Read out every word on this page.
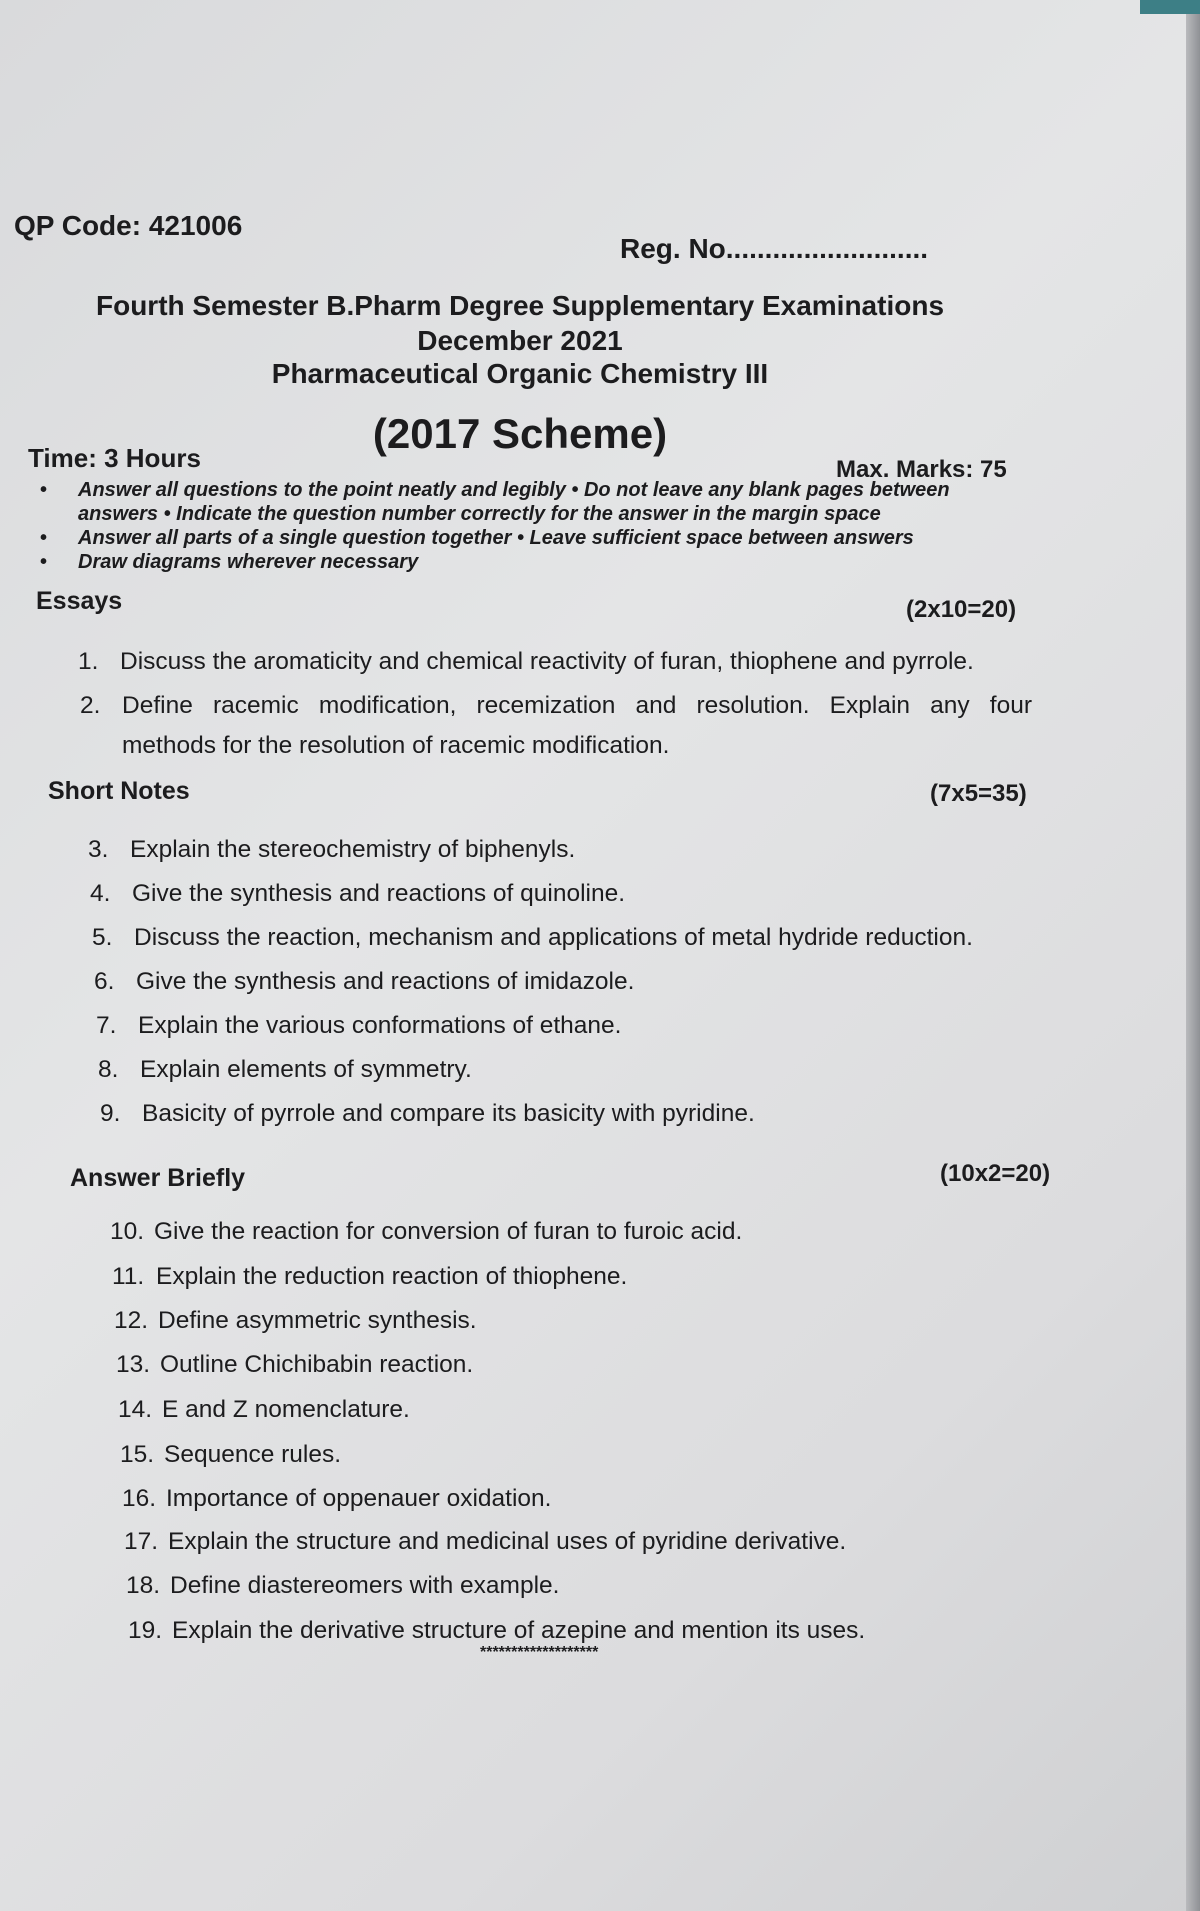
QP Code: 421006
Reg. No..........................
Fourth Semester B.Pharm Degree Supplementary Examinations
December 2021
Pharmaceutical Organic Chemistry III
(2017 Scheme)
Time: 3 Hours	Max. Marks: 75
• Answer all questions to the point neatly and legibly • Do not leave any blank pages between answers • Indicate the question number correctly for the answer in the margin space
• Answer all parts of a single question together • Leave sufficient space between answers
• Draw diagrams wherever necessary
Essays	(2x10=20)
1. Discuss the aromaticity and chemical reactivity of furan, thiophene and pyrrole.
2. Define racemic modification, recemization and resolution. Explain any four
methods for the resolution of racemic modification.
Short Notes	(7x5=35)
3. Explain the stereochemistry of biphenyls.
4. Give the synthesis and reactions of quinoline.
5. Discuss the reaction, mechanism and applications of metal hydride reduction.
6. Give the synthesis and reactions of imidazole.
7. Explain the various conformations of ethane.
8. Explain elements of symmetry.
9. Basicity of pyrrole and compare its basicity with pyridine.
Answer Briefly	(10x2=20)
10. Give the reaction for conversion of furan to furoic acid.
11. Explain the reduction reaction of thiophene.
12. Define asymmetric synthesis.
13. Outline Chichibabin reaction.
14. E and Z nomenclature.
15. Sequence rules.
16. Importance of oppenauer oxidation.
17. Explain the structure and medicinal uses of pyridine derivative.
18. Define diastereomers with example.
19. Explain the derivative structure of azepine and mention its uses.
*******************
